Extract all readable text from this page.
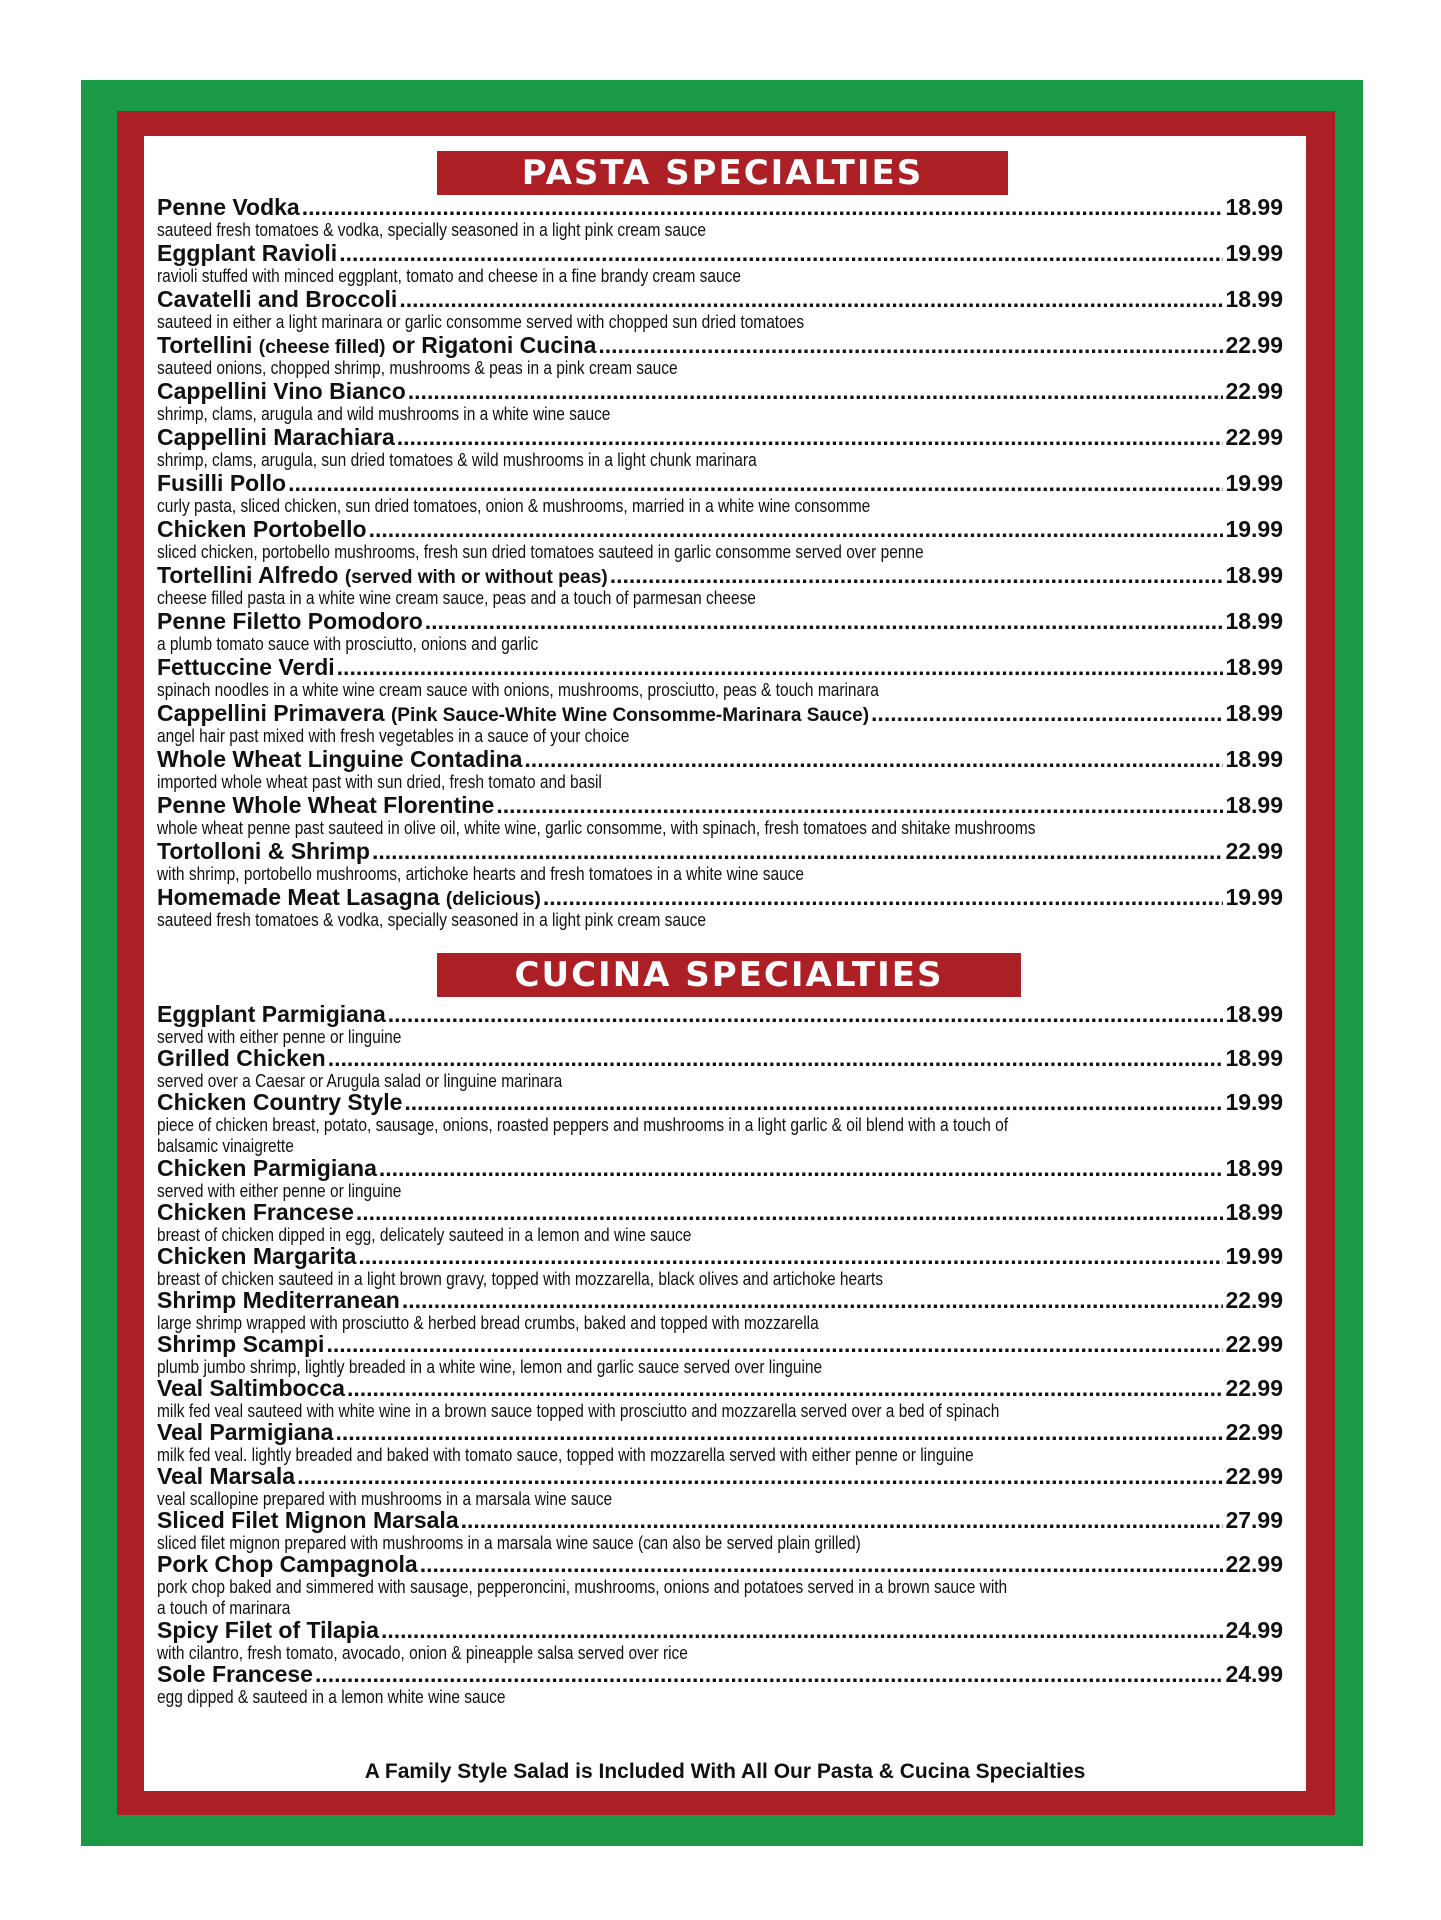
PASTA SPECIALTIES
Penne Vodka .....	18.99
sauteed fresh tomatoes & vodka, specially seasoned in a light pink cream sauce
Eggplant Ravioli .....	19.99
ravioli stuffed with minced eggplant, tomato and cheese in a fine brandy cream sauce
Cavatelli and Broccoli .....	18.99
sauteed in either a light marinara or garlic consomme served with chopped sun dried tomatoes
Tortellini (cheese filled) or Rigatoni Cucina .....	22.99
sauteed onions, chopped shrimp, mushrooms & peas in a pink cream sauce
Cappellini Vino Bianco .....	22.99
shrimp, clams, arugula and wild mushrooms in a white wine sauce
Cappellini Marachiara .....	22.99
shrimp, clams, arugula, sun dried tomatoes & wild mushrooms in a light chunk marinara
Fusilli Pollo .....	19.99
curly pasta, sliced chicken, sun dried tomatoes, onion & mushrooms, married in a white wine consomme
Chicken Portobello .....	19.99
sliced chicken, portobello mushrooms, fresh sun dried tomatoes sauteed in garlic consomme served over penne
Tortellini Alfredo (served with or without peas) .....	18.99
cheese filled pasta in a white wine cream sauce, peas and a touch of parmesan cheese
Penne Filetto Pomodoro .....	18.99
a plumb tomato sauce with prosciutto, onions and garlic
Fettuccine Verdi .....	18.99
spinach noodles in a white wine cream sauce with onions, mushrooms, prosciutto, peas & touch marinara
Cappellini Primavera (Pink Sauce-White Wine Consomme-Marinara Sauce) .....	18.99
angel hair past mixed with fresh vegetables in a sauce of your choice
Whole Wheat Linguine Contadina .....	18.99
imported whole wheat past with sun dried, fresh tomato and basil
Penne Whole Wheat Florentine .....	18.99
whole wheat penne past sauteed in olive oil, white wine, garlic consomme, with spinach, fresh tomatoes and shitake mushrooms
Tortolloni & Shrimp .....	22.99
with shrimp, portobello mushrooms, artichoke hearts and fresh tomatoes in a white wine sauce
Homemade Meat Lasagna (delicious) .....	19.99
sauteed fresh tomatoes & vodka, specially seasoned in a light pink cream sauce
CUCINA SPECIALTIES
Eggplant Parmigiana .....	18.99
served with either penne or linguine
Grilled Chicken .....	18.99
served over a Caesar or Arugula salad or linguine marinara
Chicken Country Style .....	19.99
piece of chicken breast, potato, sausage, onions, roasted peppers and mushrooms in a light garlic & oil blend with a touch of balsamic vinaigrette
Chicken Parmigiana .....	18.99
served with either penne or linguine
Chicken Francese .....	18.99
breast of chicken dipped in egg, delicately sauteed in a lemon and wine sauce
Chicken Margarita .....	19.99
breast of chicken sauteed in a light brown gravy, topped with mozzarella, black olives and artichoke hearts
Shrimp Mediterranean .....	22.99
large shrimp wrapped with prosciutto & herbed bread crumbs, baked and topped with mozzarella
Shrimp Scampi .....	22.99
plumb jumbo shrimp, lightly breaded in a white wine, lemon and garlic sauce served over linguine
Veal Saltimbocca .....	22.99
milk fed veal sauteed with white wine in a brown sauce topped with prosciutto and mozzarella served over a bed of spinach
Veal Parmigiana .....	22.99
milk fed veal. lightly breaded and baked with tomato sauce, topped with mozzarella served with either penne or linguine
Veal Marsala .....	22.99
veal scallopine prepared with mushrooms in a marsala wine sauce
Sliced Filet Mignon Marsala .....	27.99
sliced filet mignon prepared with mushrooms in a marsala wine sauce (can also be served plain grilled)
Pork Chop Campagnola .....	22.99
pork chop baked and simmered with sausage, pepperoncini, mushrooms, onions and potatoes served in a brown sauce with a touch of marinara
Spicy Filet of Tilapia .....	24.99
with cilantro, fresh tomato, avocado, onion & pineapple salsa served over rice
Sole Francese .....	24.99
egg dipped & sauteed in a lemon white wine sauce
A Family Style Salad is Included With All Our Pasta & Cucina Specialties
